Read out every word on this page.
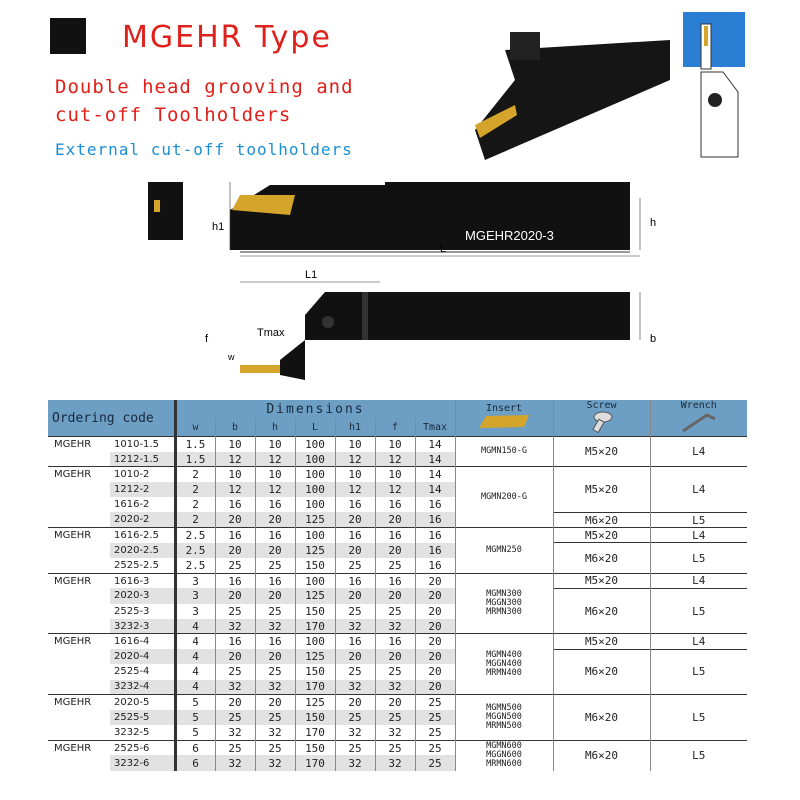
MGEHR Type
Double head grooving and
cut-off Toolholders
External cut-off toolholders
MGEHR2020-3
h1	h
L
L1
Tmax
f
w
b
Ordering code		Dimensions							Insert	Screw	Wrench

		w	b	h	L	h1	f	Tmax			
MGEHR	1010-1.5	1.5	10	10	100	10	10	14	MGMN150-G	M5×20	L4
	1212-1.5	1.5	12	12	100	12	12	14			
MGEHR	1010-2	2	10	10	100	10	10	14	MGMN200-G	M5×20	L4
	1212-2	2	12	12	100	12	12	14			
	1616-2	2	16	16	100	16	16	16			
	2020-2	2	20	20	125	20	20	16		M6×20	L5
MGEHR	1616-2.5	2.5	16	16	100	16	16	16	MGMN250	M5×20	L4
	2020-2.5	2.5	20	20	125	20	20	16		M6×20	L5
	2525-2.5	2.5	25	25	150	25	25	16			
MGEHR	1616-3	3	16	16	100	16	16	20	MGMN300
MGGN300
MRMN300	M5×20	L4
	2020-3	3	20	20	125	20	20	20		M6×20	L5
	2525-3	3	25	25	150	25	25	20			
	3232-3	4	32	32	170	32	32	20			
MGEHR	1616-4	4	16	16	100	16	16	20	MGMN400
MGGN400
MRMN400	M5×20	L4
	2020-4	4	20	20	125	20	20	20		M6×20	L5
	2525-4	4	25	25	150	25	25	20			
	3232-4	4	32	32	170	32	32	20			
MGEHR	2020-5	5	20	20	125	20	20	25	MGMN500
MGGN500
MRMN500	M6×20	L5
	2525-5	5	25	25	150	25	25	25			
	3232-5	5	32	32	170	32	32	25			
MGEHR	2525-6	6	25	25	150	25	25	25	MGMN600
MGGN600
MRMN600	M6×20	L5
	3232-6	6	32	32	170	32	32	25			
